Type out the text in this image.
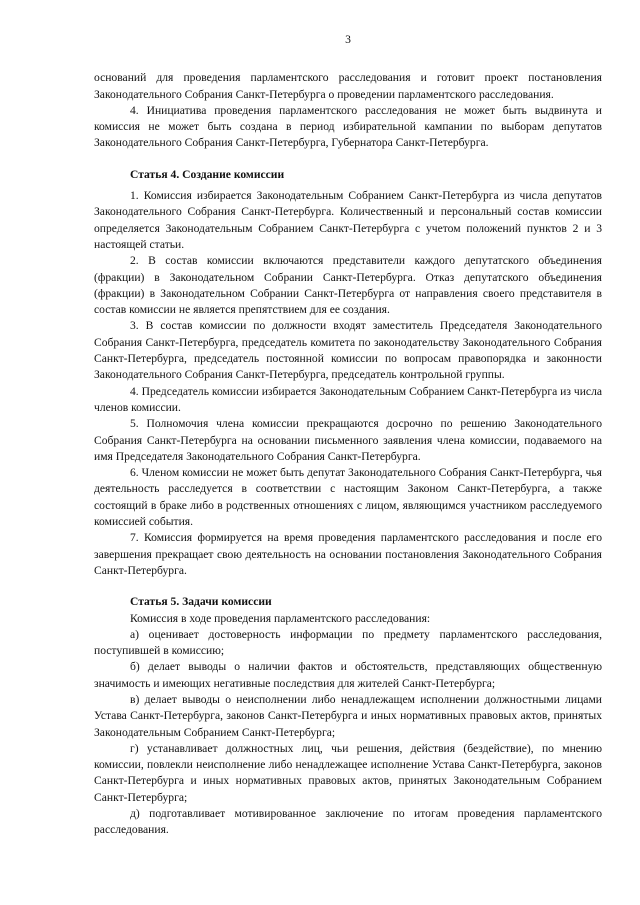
3

оснований для проведения парламентского расследования и готовит проект постановления Законодательного Собрания Санкт-Петербурга о проведении парламентского расследования.

4. Инициатива проведения парламентского расследования не может быть выдвинута и комиссия не может быть создана в период избирательной кампании по выборам депутатов Законодательного Собрания Санкт-Петербурга, Губернатора Санкт-Петербурга.

Статья 4. Создание комиссии

1. Комиссия избирается Законодательным Собранием Санкт-Петербурга из числа депутатов Законодательного Собрания Санкт-Петербурга. Количественный и персональный состав комиссии определяется Законодательным Собранием Санкт-Петербурга с учетом положений пунктов 2 и 3 настоящей статьи.

2. В состав комиссии включаются представители каждого депутатского объединения (фракции) в Законодательном Собрании Санкт-Петербурга. Отказ депутатского объединения (фракции) в Законодательном Собрании Санкт-Петербурга от направления своего представителя в состав комиссии не является препятствием для ее создания.

3. В состав комиссии по должности входят заместитель Председателя Законодательного Собрания Санкт-Петербурга, председатель комитета по законодательству Законодательного Собрания Санкт-Петербурга, председатель постоянной комиссии по вопросам правопорядка и законности Законодательного Собрания Санкт-Петербурга, председатель контрольной группы.

4. Председатель комиссии избирается Законодательным Собранием Санкт-Петербурга из числа членов комиссии.

5. Полномочия члена комиссии прекращаются досрочно по решению Законодательного Собрания Санкт-Петербурга на основании письменного заявления члена комиссии, подаваемого на имя Председателя Законодательного Собрания Санкт-Петербурга.

6. Членом комиссии не может быть депутат Законодательного Собрания Санкт-Петербурга, чья деятельность расследуется в соответствии с настоящим Законом Санкт-Петербурга, а также состоящий в браке либо в родственных отношениях с лицом, являющимся участником расследуемого комиссией события.

7. Комиссия формируется на время проведения парламентского расследования и после его завершения прекращает свою деятельность на основании постановления Законодательного Собрания Санкт-Петербурга.

Статья 5. Задачи комиссии

Комиссия в ходе проведения парламентского расследования:

а) оценивает достоверность информации по предмету парламентского расследования, поступившей в комиссию;

б) делает выводы о наличии фактов и обстоятельств, представляющих общественную значимость и имеющих негативные последствия для жителей Санкт-Петербурга;

в) делает выводы о неисполнении либо ненадлежащем исполнении должностными лицами Устава Санкт-Петербурга, законов Санкт-Петербурга и иных нормативных правовых актов, принятых Законодательным Собранием Санкт-Петербурга;

г) устанавливает должностных лиц, чьи решения, действия (бездействие), по мнению комиссии, повлекли неисполнение либо ненадлежащее исполнение Устава Санкт-Петербурга, законов Санкт-Петербурга и иных нормативных правовых актов, принятых Законодательным Собранием Санкт-Петербурга;

д) подготавливает мотивированное заключение по итогам проведения парламентского расследования.
